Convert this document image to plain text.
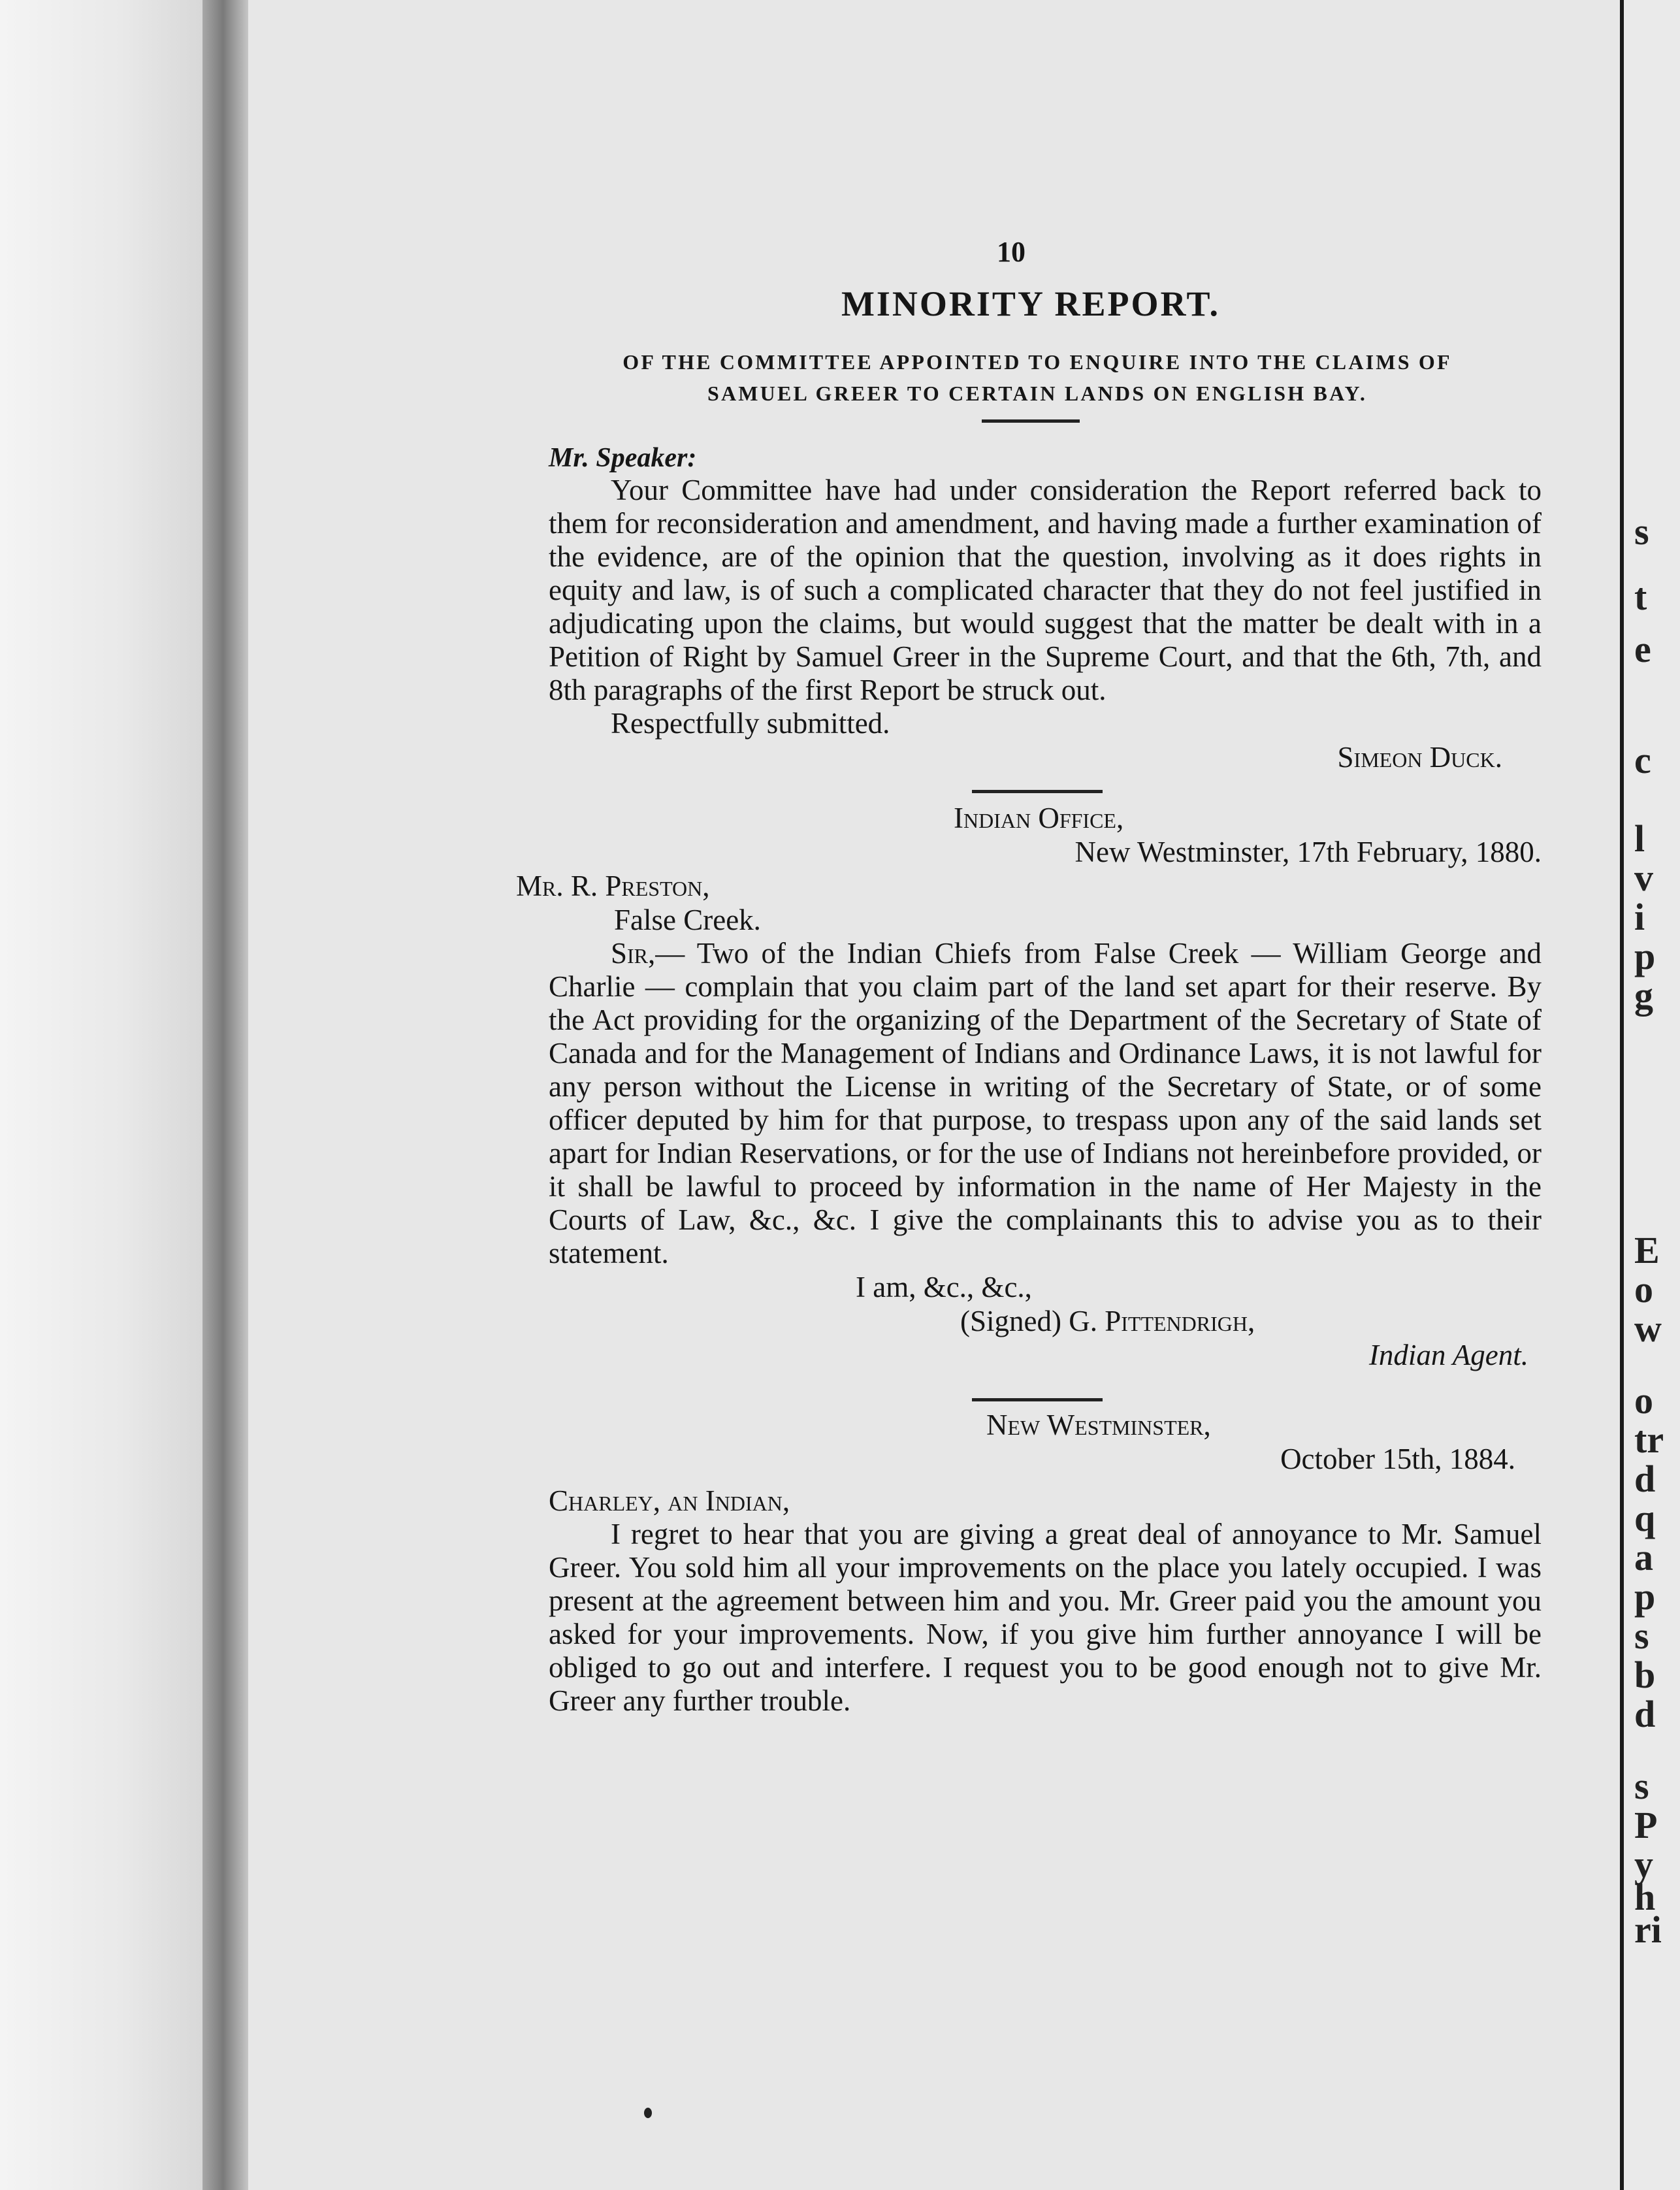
s
t
e
c
l
v
i
p
g
E
o
w
o
tr
d
q
a
p
s
b
d
s
P
y
h
ri
10
MINORITY REPORT.
OF THE COMMITTEE APPOINTED TO ENQUIRE INTO THE CLAIMS OF
SAMUEL GREER TO CERTAIN LANDS ON ENGLISH BAY.
Mr. Speaker:

Your Committee have had under consideration the Report referred back to them for reconsideration and amendment, and having made a further examination of the evidence, are of the opinion that the question, involving as it does rights in equity and law, is of such a complicated character that they do not feel justified in adjudicating upon the claims, but would suggest that the matter be dealt with in a Petition of Right by Samuel Greer in the Supreme Court, and that the 6th, 7th, and 8th paragraphs of the first Report be struck out.

Respectfully submitted.

Simeon Duck.
Indian Office,
New Westminster, 17th February, 1880.
Mr. R. Preston,
False Creek.

Sir,— Two of the Indian Chiefs from False Creek — William George and Charlie — complain that you claim part of the land set apart for their reserve. By the Act providing for the organizing of the Department of the Secretary of State of Canada and for the Management of Indians and Ordinance Laws, it is not lawful for any person without the License in writing of the Secretary of State, or of some officer deputed by him for that purpose, to trespass upon any of the said lands set apart for Indian Reservations, or for the use of Indians not hereinbefore provided, or it shall be lawful to proceed by information in the name of Her Majesty in the Courts of Law, &c., &c. I give the complainants this to advise you as to their statement.

I am, &c., &c.,
(Signed) G. Pittendrigh,
Indian Agent.
New Westminster,
October 15th, 1884.
Charley, an Indian,

I regret to hear that you are giving a great deal of annoyance to Mr. Samuel Greer. You sold him all your improvements on the place you lately occupied. I was present at the agreement between him and you. Mr. Greer paid you the amount you asked for your improvements. Now, if you give him further annoyance I will be obliged to go out and interfere. I request you to be good enough not to give Mr. Greer any further trouble.
